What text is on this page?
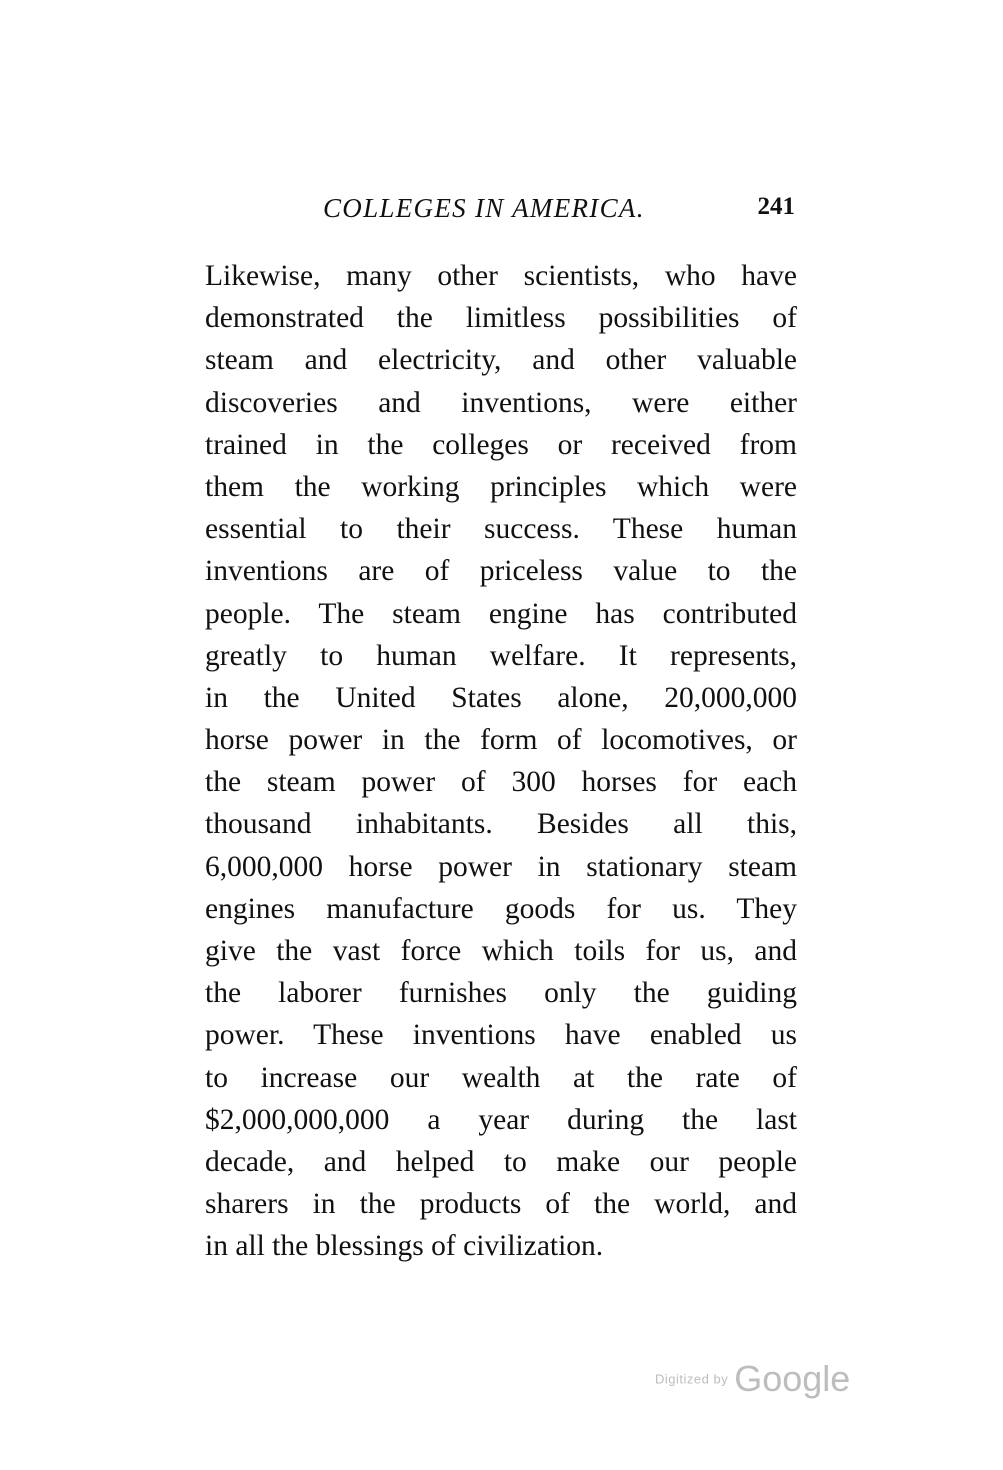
COLLEGES IN AMERICA.	241
Likewise, many other scientists, who have
demonstrated the limitless possibilities of
steam and electricity, and other valuable
discoveries and inventions, were either
trained in the colleges or received from
them the working principles which were
essential to their success. These human
inventions are of priceless value to the
people. The steam engine has contributed
greatly to human welfare. It represents,
in the United States alone, 20,000,000
horse power in the form of locomotives, or
the steam power of 300 horses for each
thousand inhabitants. Besides all this,
6,000,000 horse power in stationary steam
engines manufacture goods for us. They
give the vast force which toils for us, and
the laborer furnishes only the guiding
power. These inventions have enabled us
to increase our wealth at the rate of
$2,000,000,000 a year during the last
decade, and helped to make our people
sharers in the products of the world, and
in all the blessings of civilization.
Digitized by Google
